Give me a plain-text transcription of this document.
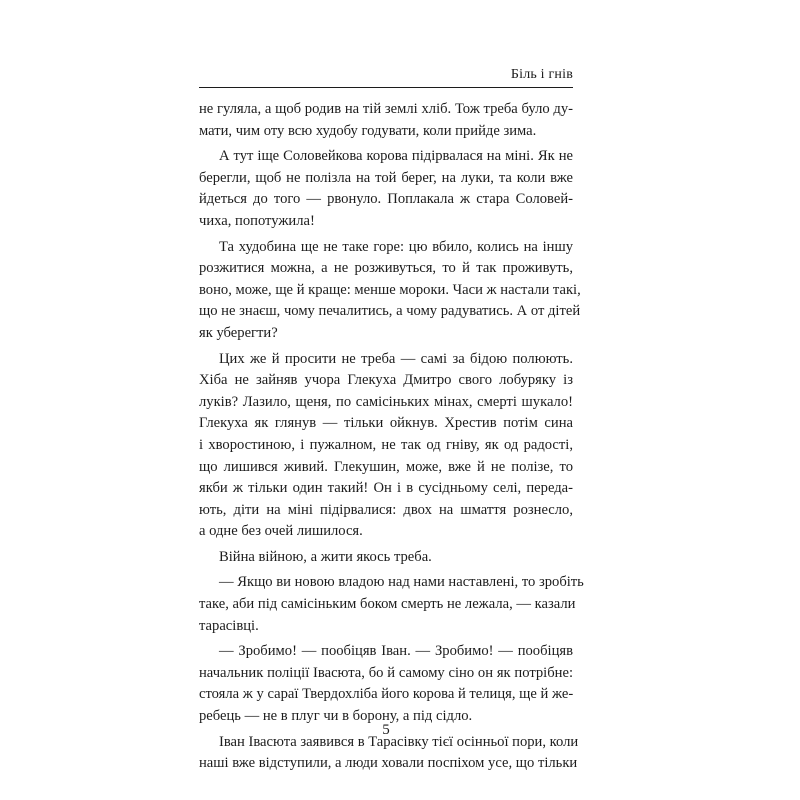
Біль і гнів

не гуляла, а щоб родив на тій землі хліб. Тож треба було ду-
мати, чим оту всю худобу годувати, коли прийде зима.

А тут іще Соловейкова корова підірвалася на міні. Як не
берегли, щоб не полізла на той берег, на луки, та коли вже
йдеться до того — рвонуло. Поплакала ж стара Соловей-
чиха, попотужила!

Та худобина ще не таке горе: цю вбило, колись на іншу
розжитися можна, а не розживуться, то й так проживуть,
воно, може, ще й краще: менше мороки. Часи ж настали такі,
що не знаєш, чому печалитись, а чому радуватись. А от дітей
як уберегти?

Цих же й просити не треба — самі за бідою полюють.
Хіба не зайняв учора Глекуха Дмитро свого лобуряку із
луків? Лазило, щеня, по самісіньких мінах, смерті шукало!
Глекуха як глянув — тільки ойкнув. Хрестив потім сина
і хворостиною, і пужалном, не так од гніву, як од радості,
що лишився живий. Глекушин, може, вже й не полізе, то
якби ж тільки один такий! Он і в сусідньому селі, переда-
ють, діти на міні підірвалися: двох на шмаття рознесло,
а одне без очей лишилося.

Війна війною, а жити якось треба.

— Якщо ви новою владою над нами наставлені, то зробіть
таке, аби під самісіньким боком смерть не лежала, — казали
тарасівці.

— Зробимо! — пообіцяв Іван. — Зробимо! — пообіцяв
начальник поліції Івасюта, бо й самому сіно он як потрібне:
стояла ж у сараї Твердохліба його корова й телиця, ще й же-
ребець — не в плуг чи в борону, а під сідло.

Іван Івасюта заявився в Тарасівку тієї осінньої пори, коли
наші вже відступили, а люди ховали поспіхом усе, що тільки

5
